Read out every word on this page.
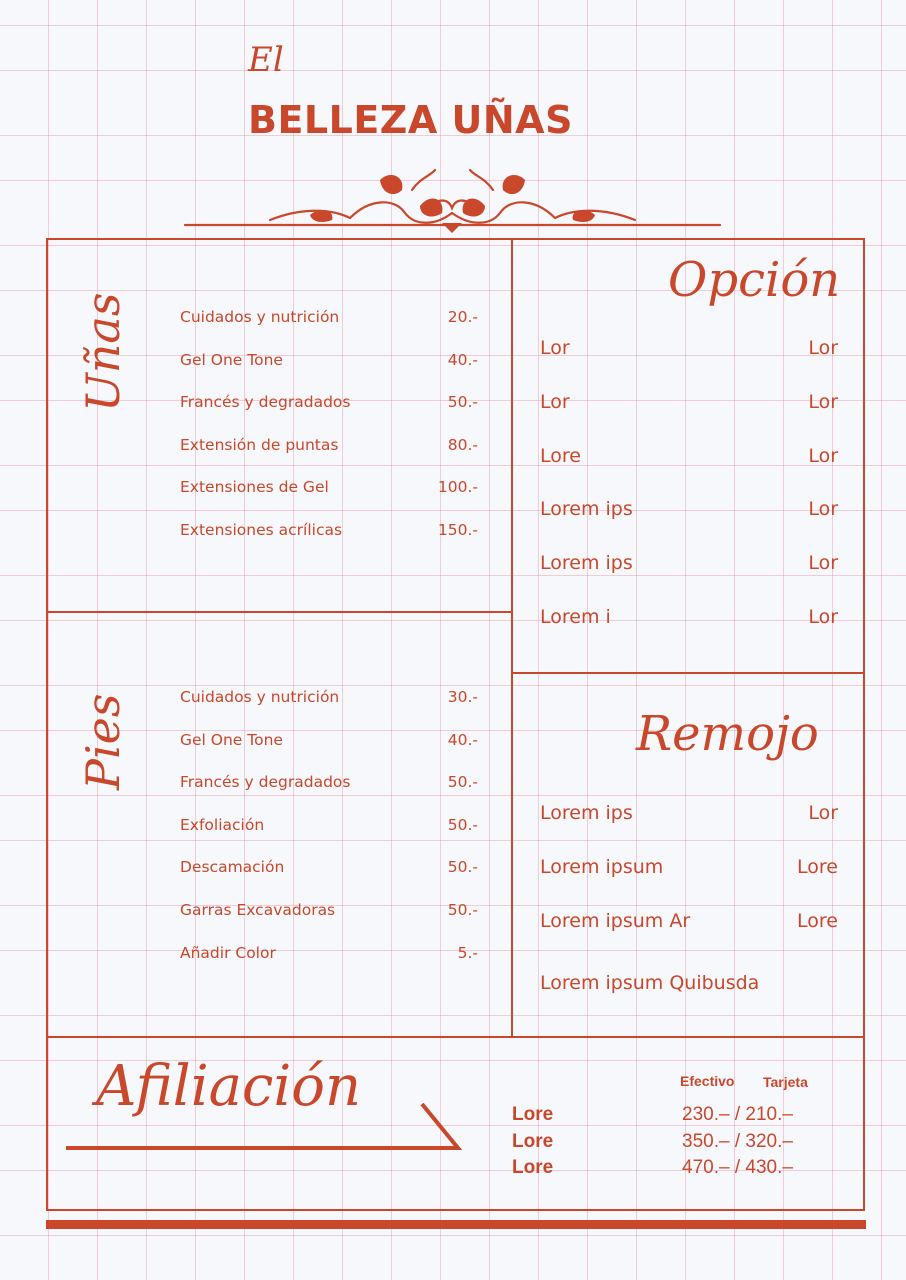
El
BELLEZA UÑAS
Uñas	Cuidados y nutrición	20.-
Gel One Tone	40.-
Francés y degradados	50.-
Extensión de puntas	80.-
Extensiones de Gel	100.-
Extensiones acrílicas	150.-
Pies	Cuidados y nutrición	30.-
Gel One Tone	40.-
Francés y degradados	50.-
Exfoliación	50.-
Descamación	50.-
Garras Excavadoras	50.-
Añadir Color	5.-
Opción
Lor	Lor
Lor	Lor
Lore	Lor
Lorem ips	Lor
Lorem ips	Lor
Lorem i	Lor
Remojo
Lorem ips	Lor
Lorem ipsum	Lore
Lorem ipsum Ar	Lore
Lorem ipsum Quibusda
Afiliación	Efectivo Tarjeta
Lore	230.– / 210.–
Lore	350.– / 320.–
Lore	470.– / 430.–
